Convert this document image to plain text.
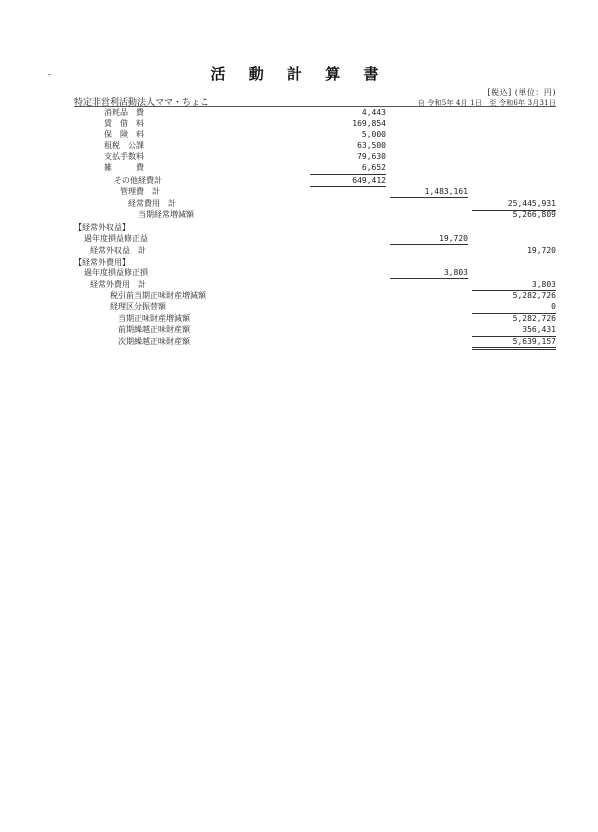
活 動 計 算 書
[税込] (単位：円)
特定非営利活動法人ママ・ちょこ	自 令和5年 4月 1日　至 令和6年 3月31日
消耗品　費	4,443
賃　借　料	169,854
保　険　料	5,000
租税　公課	63,500
支払手数料	79,630
雑　　　費	6,652
その他経費計	649,412
管理費　計	1,483,161
経常費用　計	25,445,931
当期経常増減額	5,266,809
【経常外収益】
過年度損益修正益	19,720
経常外収益　計	19,720
【経常外費用】
過年度損益修正損	3,803
経常外費用　計	3,803
税引前当期正味財産増減額	5,282,726
経理区分振替額	0
当期正味財産増減額	5,282,726
前期繰越正味財産額	356,431
次期繰越正味財産額	5,639,157
